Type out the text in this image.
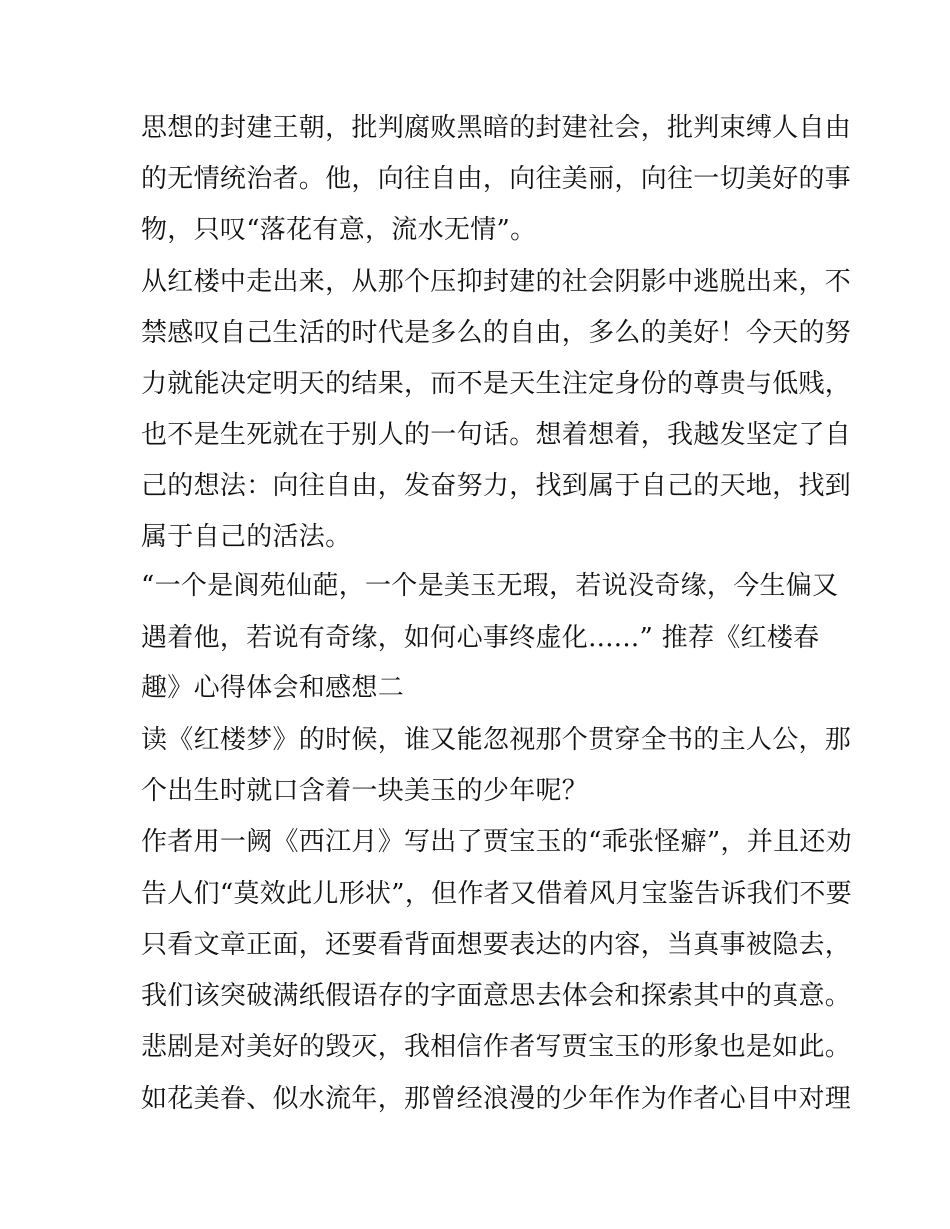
思想的封建王朝，批判腐败黑暗的封建社会，批判束缚人自由
的无情统治者。他，向往自由，向往美丽，向往一切美好的事
物，只叹“落花有意，流水无情”。
从红楼中走出来，从那个压抑封建的社会阴影中逃脱出来，不
禁感叹自己生活的时代是多么的自由，多么的美好！今天的努
力就能决定明天的结果，而不是天生注定身份的尊贵与低贱，
也不是生死就在于别人的一句话。想着想着，我越发坚定了自
己的想法：向往自由，发奋努力，找到属于自己的天地，找到
属于自己的活法。
“一个是阆苑仙葩，一个是美玉无瑕，若说没奇缘，今生偏又
遇着他，若说有奇缘，如何心事终虚化......” 推荐《红楼春
趣》心得体会和感想二
读《红楼梦》的时候，谁又能忽视那个贯穿全书的主人公，那
个出生时就口含着一块美玉的少年呢？
作者用一阙《西江月》写出了贾宝玉的“乖张怪癖”，并且还劝
告人们“莫效此儿形状”，但作者又借着风月宝鉴告诉我们不要
只看文章正面，还要看背面想要表达的内容，当真事被隐去，
我们该突破满纸假语存的字面意思去体会和探索其中的真意。
悲剧是对美好的毁灭，我相信作者写贾宝玉的形象也是如此。
如花美眷、似水流年，那曾经浪漫的少年作为作者心目中对理
